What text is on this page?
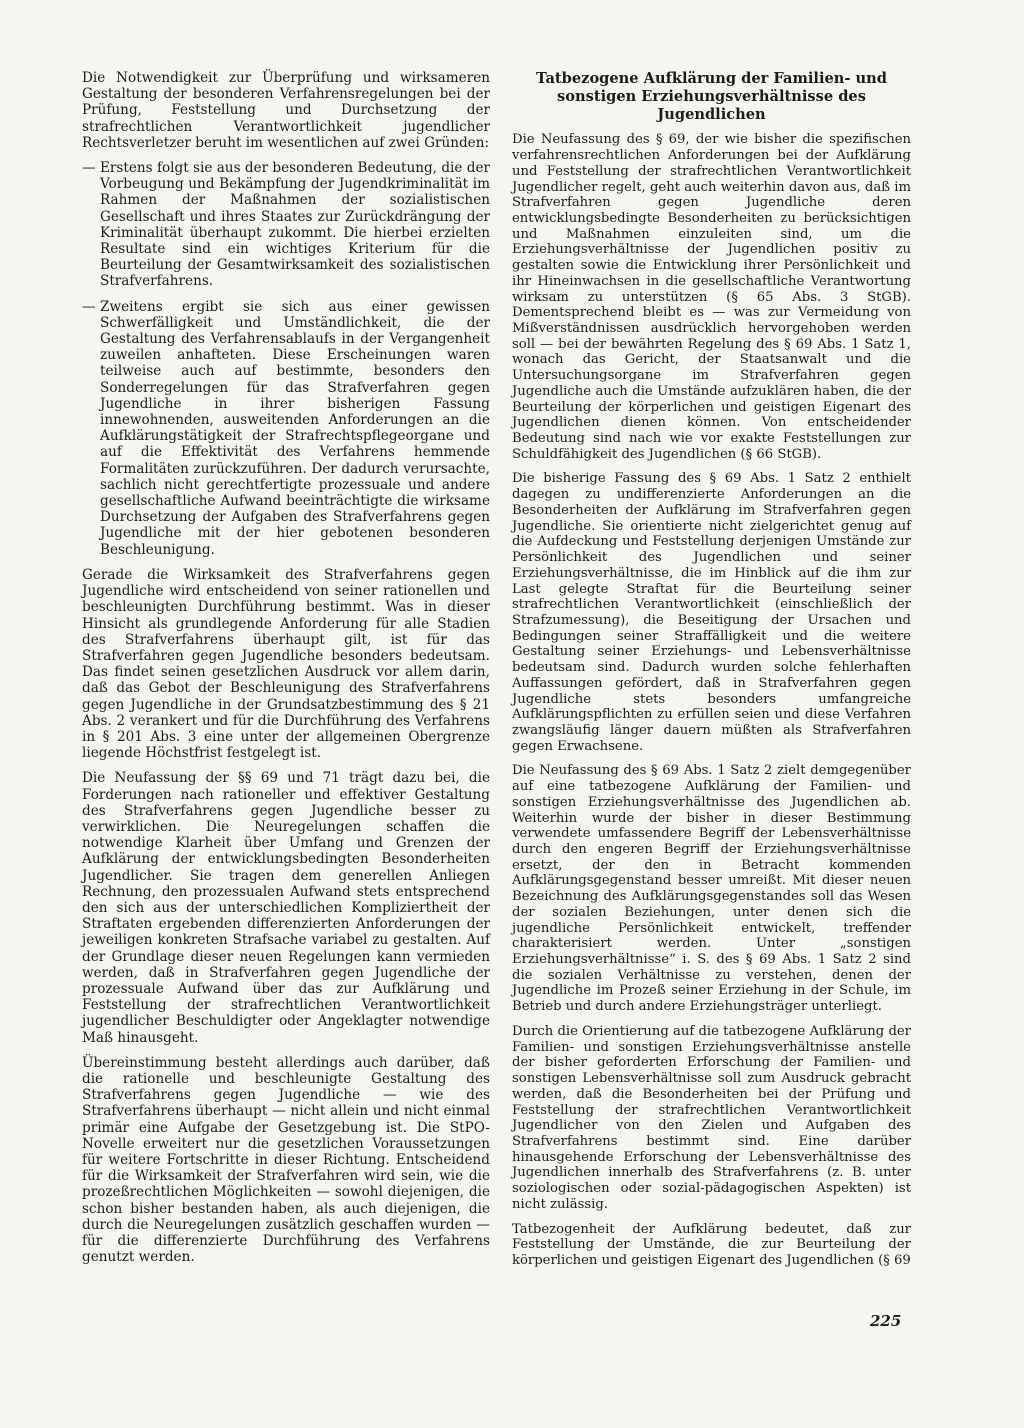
Die Notwendigkeit zur Überprüfung und wirksameren Gestaltung der besonderen Verfahrensregelungen bei der Prüfung, Feststellung und Durchsetzung der strafrechtlichen Verantwortlichkeit jugendlicher Rechtsverletzer beruht im wesentlichen auf zwei Gründen:

— Erstens folgt sie aus der besonderen Bedeutung, die der Vorbeugung und Bekämpfung der Jugendkriminalität im Rahmen der Maßnahmen der sozialistischen Gesellschaft und ihres Staates zur Zurückdrängung der Kriminalität überhaupt zukommt. Die hierbei erzielten Resultate sind ein wichtiges Kriterium für die Beurteilung der Gesamtwirksamkeit des sozialistischen Strafverfahrens.
— Zweitens ergibt sie sich aus einer gewissen Schwerfälligkeit und Umständlichkeit, die der Gestaltung des Verfahrensablaufs in der Vergangenheit zuweilen anhafteten. Diese Erscheinungen waren teilweise auch auf bestimmte, besonders den Sonderregelungen für das Strafverfahren gegen Jugendliche in ihrer bisherigen Fassung innewohnenden, ausweitenden Anforderungen an die Aufklärungstätigkeit der Strafrechtspflegeorgane und auf die Effektivität des Verfahrens hemmende Formalitäten zurückzuführen. Der dadurch verursachte, sachlich nicht gerechtfertigte prozessuale und andere gesellschaftliche Aufwand beeinträchtigte die wirksame Durchsetzung der Aufgaben des Strafverfahrens gegen Jugendliche mit der hier gebotenen besonderen Beschleunigung.

Gerade die Wirksamkeit des Strafverfahrens gegen Jugendliche wird entscheidend von seiner rationellen und beschleunigten Durchführung bestimmt. Was in dieser Hinsicht als grundlegende Anforderung für alle Stadien des Strafverfahrens überhaupt gilt, ist für das Strafverfahren gegen Jugendliche besonders bedeutsam. Das findet seinen gesetzlichen Ausdruck vor allem darin, daß das Gebot der Beschleunigung des Strafverfahrens gegen Jugendliche in der Grundsatzbestimmung des § 21 Abs. 2 verankert und für die Durchführung des Verfahrens in § 201 Abs. 3 eine unter der allgemeinen Obergrenze liegende Höchstfrist festgelegt ist.

Die Neufassung der §§ 69 und 71 trägt dazu bei, die Forderungen nach rationeller und effektiver Gestaltung des Strafverfahrens gegen Jugendliche besser zu verwirklichen. Die Neuregelungen schaffen die notwendige Klarheit über Umfang und Grenzen der Aufklärung der entwicklungsbedingten Besonderheiten Jugendlicher. Sie tragen dem generellen Anliegen Rechnung, den prozessualen Aufwand stets entsprechend den sich aus der unterschiedlichen Kompliziertheit der Straftaten ergebenden differenzierten Anforderungen der jeweiligen konkreten Strafsache variabel zu gestalten. Auf der Grundlage dieser neuen Regelungen kann vermieden werden, daß in Strafverfahren gegen Jugendliche der prozessuale Aufwand über das zur Aufklärung und Feststellung der strafrechtlichen Verantwortlichkeit jugendlicher Beschuldigter oder Angeklagter notwendige Maß hinausgeht.

Übereinstimmung besteht allerdings auch darüber, daß die rationelle und beschleunigte Gestaltung des Strafverfahrens gegen Jugendliche — wie des Strafverfahrens überhaupt — nicht allein und nicht einmal primär eine Aufgabe der Gesetzgebung ist. Die StPO-Novelle erweitert nur die gesetzlichen Voraussetzungen für weitere Fortschritte in dieser Richtung. Entscheidend für die Wirksamkeit der Strafverfahren wird sein, wie die prozeßrechtlichen Möglichkeiten — sowohl diejenigen, die schon bisher bestanden haben, als auch diejenigen, die durch die Neuregelungen zusätzlich geschaffen wurden — für die differenzierte Durchführung des Verfahrens genutzt werden.

Tatbezogene Aufklärung der Familien- und sonstigen Erziehungsverhältnisse des Jugendlichen

Die Neufassung des § 69, der wie bisher die spezifischen verfahrensrechtlichen Anforderungen bei der Aufklärung und Feststellung der strafrechtlichen Verantwortlichkeit Jugendlicher regelt, geht auch weiterhin davon aus, daß im Strafverfahren gegen Jugendliche deren entwicklungsbedingte Besonderheiten zu berücksichtigen und Maßnahmen einzuleiten sind, um die Erziehungsverhältnisse der Jugendlichen positiv zu gestalten sowie die Entwicklung ihrer Persönlichkeit und ihr Hineinwachsen in die gesellschaftliche Verantwortung wirksam zu unterstützen (§ 65 Abs. 3 StGB). Dementsprechend bleibt es — was zur Vermeidung von Mißverständnissen ausdrücklich hervorgehoben werden soll — bei der bewährten Regelung des § 69 Abs. 1 Satz 1, wonach das Gericht, der Staatsanwalt und die Untersuchungsorgane im Strafverfahren gegen Jugendliche auch die Umstände aufzuklären haben, die der Beurteilung der körperlichen und geistigen Eigenart des Jugendlichen dienen können. Von entscheidender Bedeutung sind nach wie vor exakte Feststellungen zur Schuldfähigkeit des Jugendlichen (§ 66 StGB).

Die bisherige Fassung des § 69 Abs. 1 Satz 2 enthielt dagegen zu undifferenzierte Anforderungen an die Besonderheiten der Aufklärung im Strafverfahren gegen Jugendliche. Sie orientierte nicht zielgerichtet genug auf die Aufdeckung und Feststellung derjenigen Umstände zur Persönlichkeit des Jugendlichen und seiner Erziehungsverhältnisse, die im Hinblick auf die ihm zur Last gelegte Straftat für die Beurteilung seiner strafrechtlichen Verantwortlichkeit (einschließlich der Strafzumessung), die Beseitigung der Ursachen und Bedingungen seiner Straffälligkeit und die weitere Gestaltung seiner Erziehungs- und Lebensverhältnisse bedeutsam sind. Dadurch wurden solche fehlerhaften Auffassungen gefördert, daß in Strafverfahren gegen Jugendliche stets besonders umfangreiche Aufklärungspflichten zu erfüllen seien und diese Verfahren zwangsläufig länger dauern müßten als Strafverfahren gegen Erwachsene.

Die Neufassung des § 69 Abs. 1 Satz 2 zielt demgegenüber auf eine tatbezogene Aufklärung der Familien- und sonstigen Erziehungsverhältnisse des Jugendlichen ab. Weiterhin wurde der bisher in dieser Bestimmung verwendete umfassendere Begriff der Lebensverhältnisse durch den engeren Begriff der Erziehungsverhältnisse ersetzt, der den in Betracht kommenden Aufklärungsgegenstand besser umreißt. Mit dieser neuen Bezeichnung des Aufklärungsgegenstandes soll das Wesen der sozialen Beziehungen, unter denen sich die jugendliche Persönlichkeit entwickelt, treffender charakterisiert werden. Unter „sonstigen Erziehungsverhältnisse“ i. S. des § 69 Abs. 1 Satz 2 sind die sozialen Verhältnisse zu verstehen, denen der Jugendliche im Prozeß seiner Erziehung in der Schule, im Betrieb und durch andere Erziehungsträger unterliegt.

Durch die Orientierung auf die tatbezogene Aufklärung der Familien- und sonstigen Erziehungsverhältnisse anstelle der bisher geforderten Erforschung der Familien- und sonstigen Lebensverhältnisse soll zum Ausdruck gebracht werden, daß die Besonderheiten bei der Prüfung und Feststellung der strafrechtlichen Verantwortlichkeit Jugendlicher von den Zielen und Aufgaben des Strafverfahrens bestimmt sind. Eine darüber hinausgehende Erforschung der Lebensverhältnisse des Jugendlichen innerhalb des Strafverfahrens (z. B. unter soziologischen oder sozial-pädagogischen Aspekten) ist nicht zulässig.

Tatbezogenheit der Aufklärung bedeutet, daß zur Feststellung der Umstände, die zur Beurteilung der körperlichen und geistigen Eigenart des Jugendlichen (§ 69

225
